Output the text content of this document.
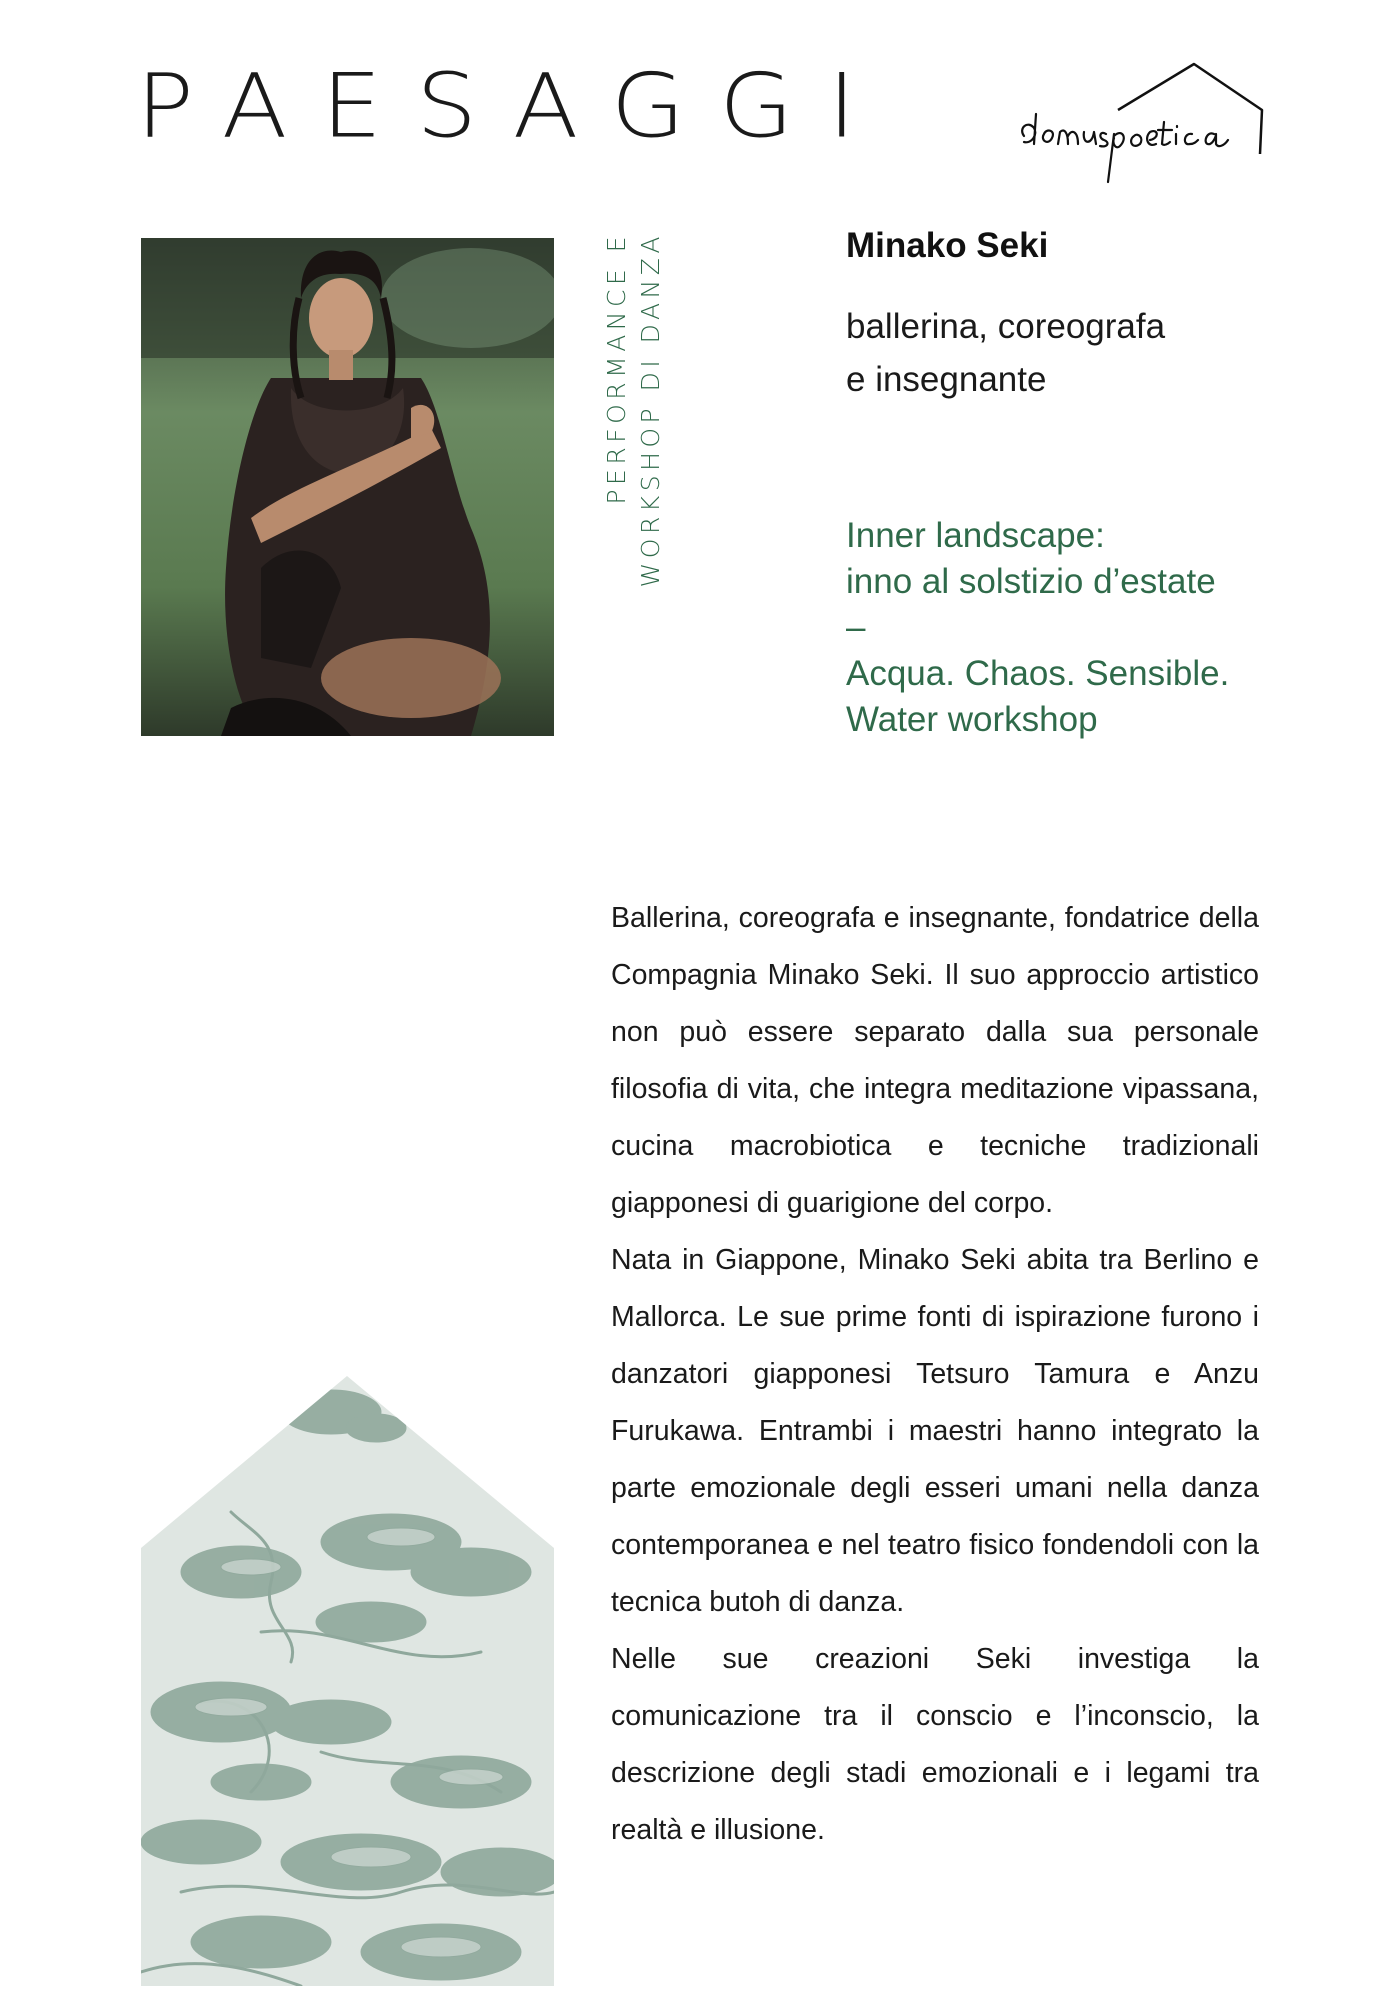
PAESAGGI
PERFORMANCE E WORKSHOP DI DANZA	Minako Seki

ballerina, coreografa
e insegnante

Inner landscape:
inno al solstizio d’estate
–
Acqua. Chaos. Sensible.
Water workshop

Ballerina, coreografa e insegnante, fondatrice della Compagnia Minako Seki. Il suo approccio artistico non può essere separato dalla sua personale filosofia di vita, che integra meditazione vipassana, cucina macrobiotica e tecniche tradizionali giapponesi di guarigione del corpo.

Nata in Giappone, Minako Seki abita tra Berlino e Mallorca. Le sue prime fonti di ispirazione furono i danzatori giapponesi Tetsuro Tamura e Anzu Furukawa. Entrambi i maestri hanno integrato la parte emozionale degli esseri umani nella danza contemporanea e nel teatro fisico fondendoli con la tecnica butoh di danza.

Nelle sue creazioni Seki investiga la comunicazione tra il conscio e l’inconscio, la descrizione degli stadi emozionali e i legami tra realtà e illusione.
